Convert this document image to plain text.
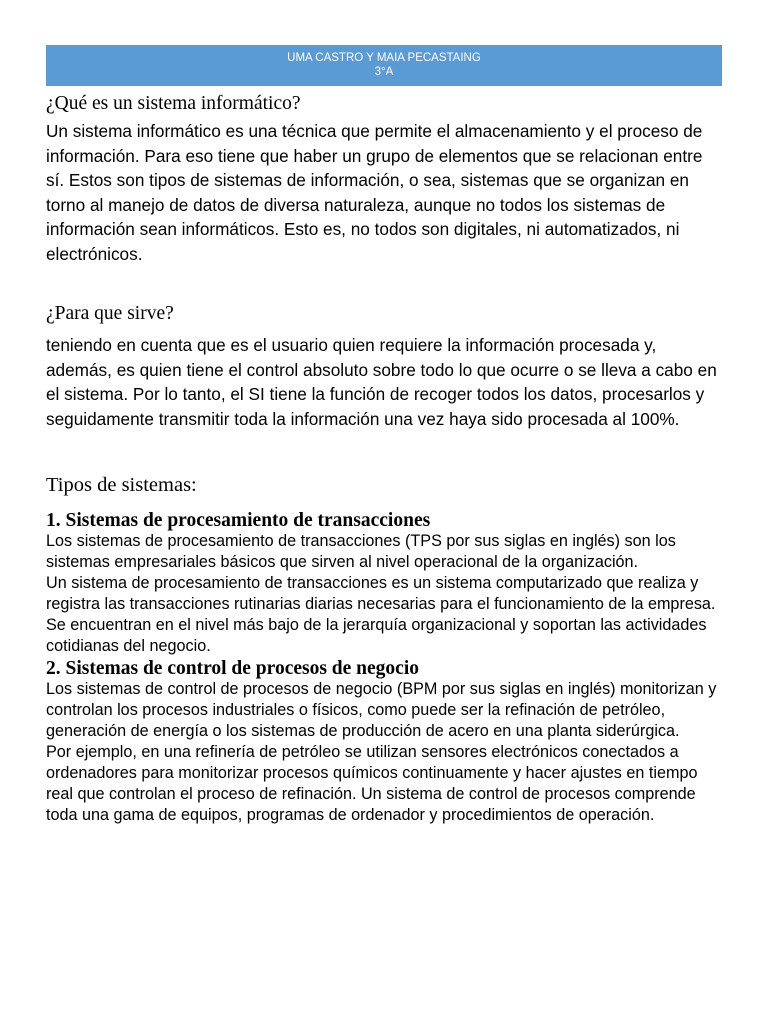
UMA CASTRO Y MAIA PECASTAING
3°A
¿Qué es un sistema informático?

Un sistema informático es una técnica que permite el almacenamiento y el proceso de información. Para eso tiene que haber un grupo de elementos que se relacionan entre sí. Estos son tipos de sistemas de información, o sea, sistemas que se organizan en torno al manejo de datos de diversa naturaleza, aunque no todos los sistemas de información sean informáticos. Esto es, no todos son digitales, ni automatizados, ni electrónicos.

¿Para que sirve?

teniendo en cuenta que es el usuario quien requiere la información procesada y, además, es quien tiene el control absoluto sobre todo lo que ocurre o se lleva a cabo en el sistema. Por lo tanto, el SI tiene la función de recoger todos los datos, procesarlos y seguidamente transmitir toda la información una vez haya sido procesada al 100%.

Tipos de sistemas:
1. Sistemas de procesamiento de transacciones

Los sistemas de procesamiento de transacciones (TPS por sus siglas en inglés) son los sistemas empresariales básicos que sirven al nivel operacional de la organización.

Un sistema de procesamiento de transacciones es un sistema computarizado que realiza y registra las transacciones rutinarias diarias necesarias para el funcionamiento de la empresa. Se encuentran en el nivel más bajo de la jerarquía organizacional y soportan las actividades cotidianas del negocio.

2. Sistemas de control de procesos de negocio

Los sistemas de control de procesos de negocio (BPM por sus siglas en inglés) monitorizan y controlan los procesos industriales o físicos, como puede ser la refinación de petróleo, generación de energía o los sistemas de producción de acero en una planta siderúrgica.

Por ejemplo, en una refinería de petróleo se utilizan sensores electrónicos conectados a ordenadores para monitorizar procesos químicos continuamente y hacer ajustes en tiempo real que controlan el proceso de refinación. Un sistema de control de procesos comprende toda una gama de equipos, programas de ordenador y procedimientos de operación.
